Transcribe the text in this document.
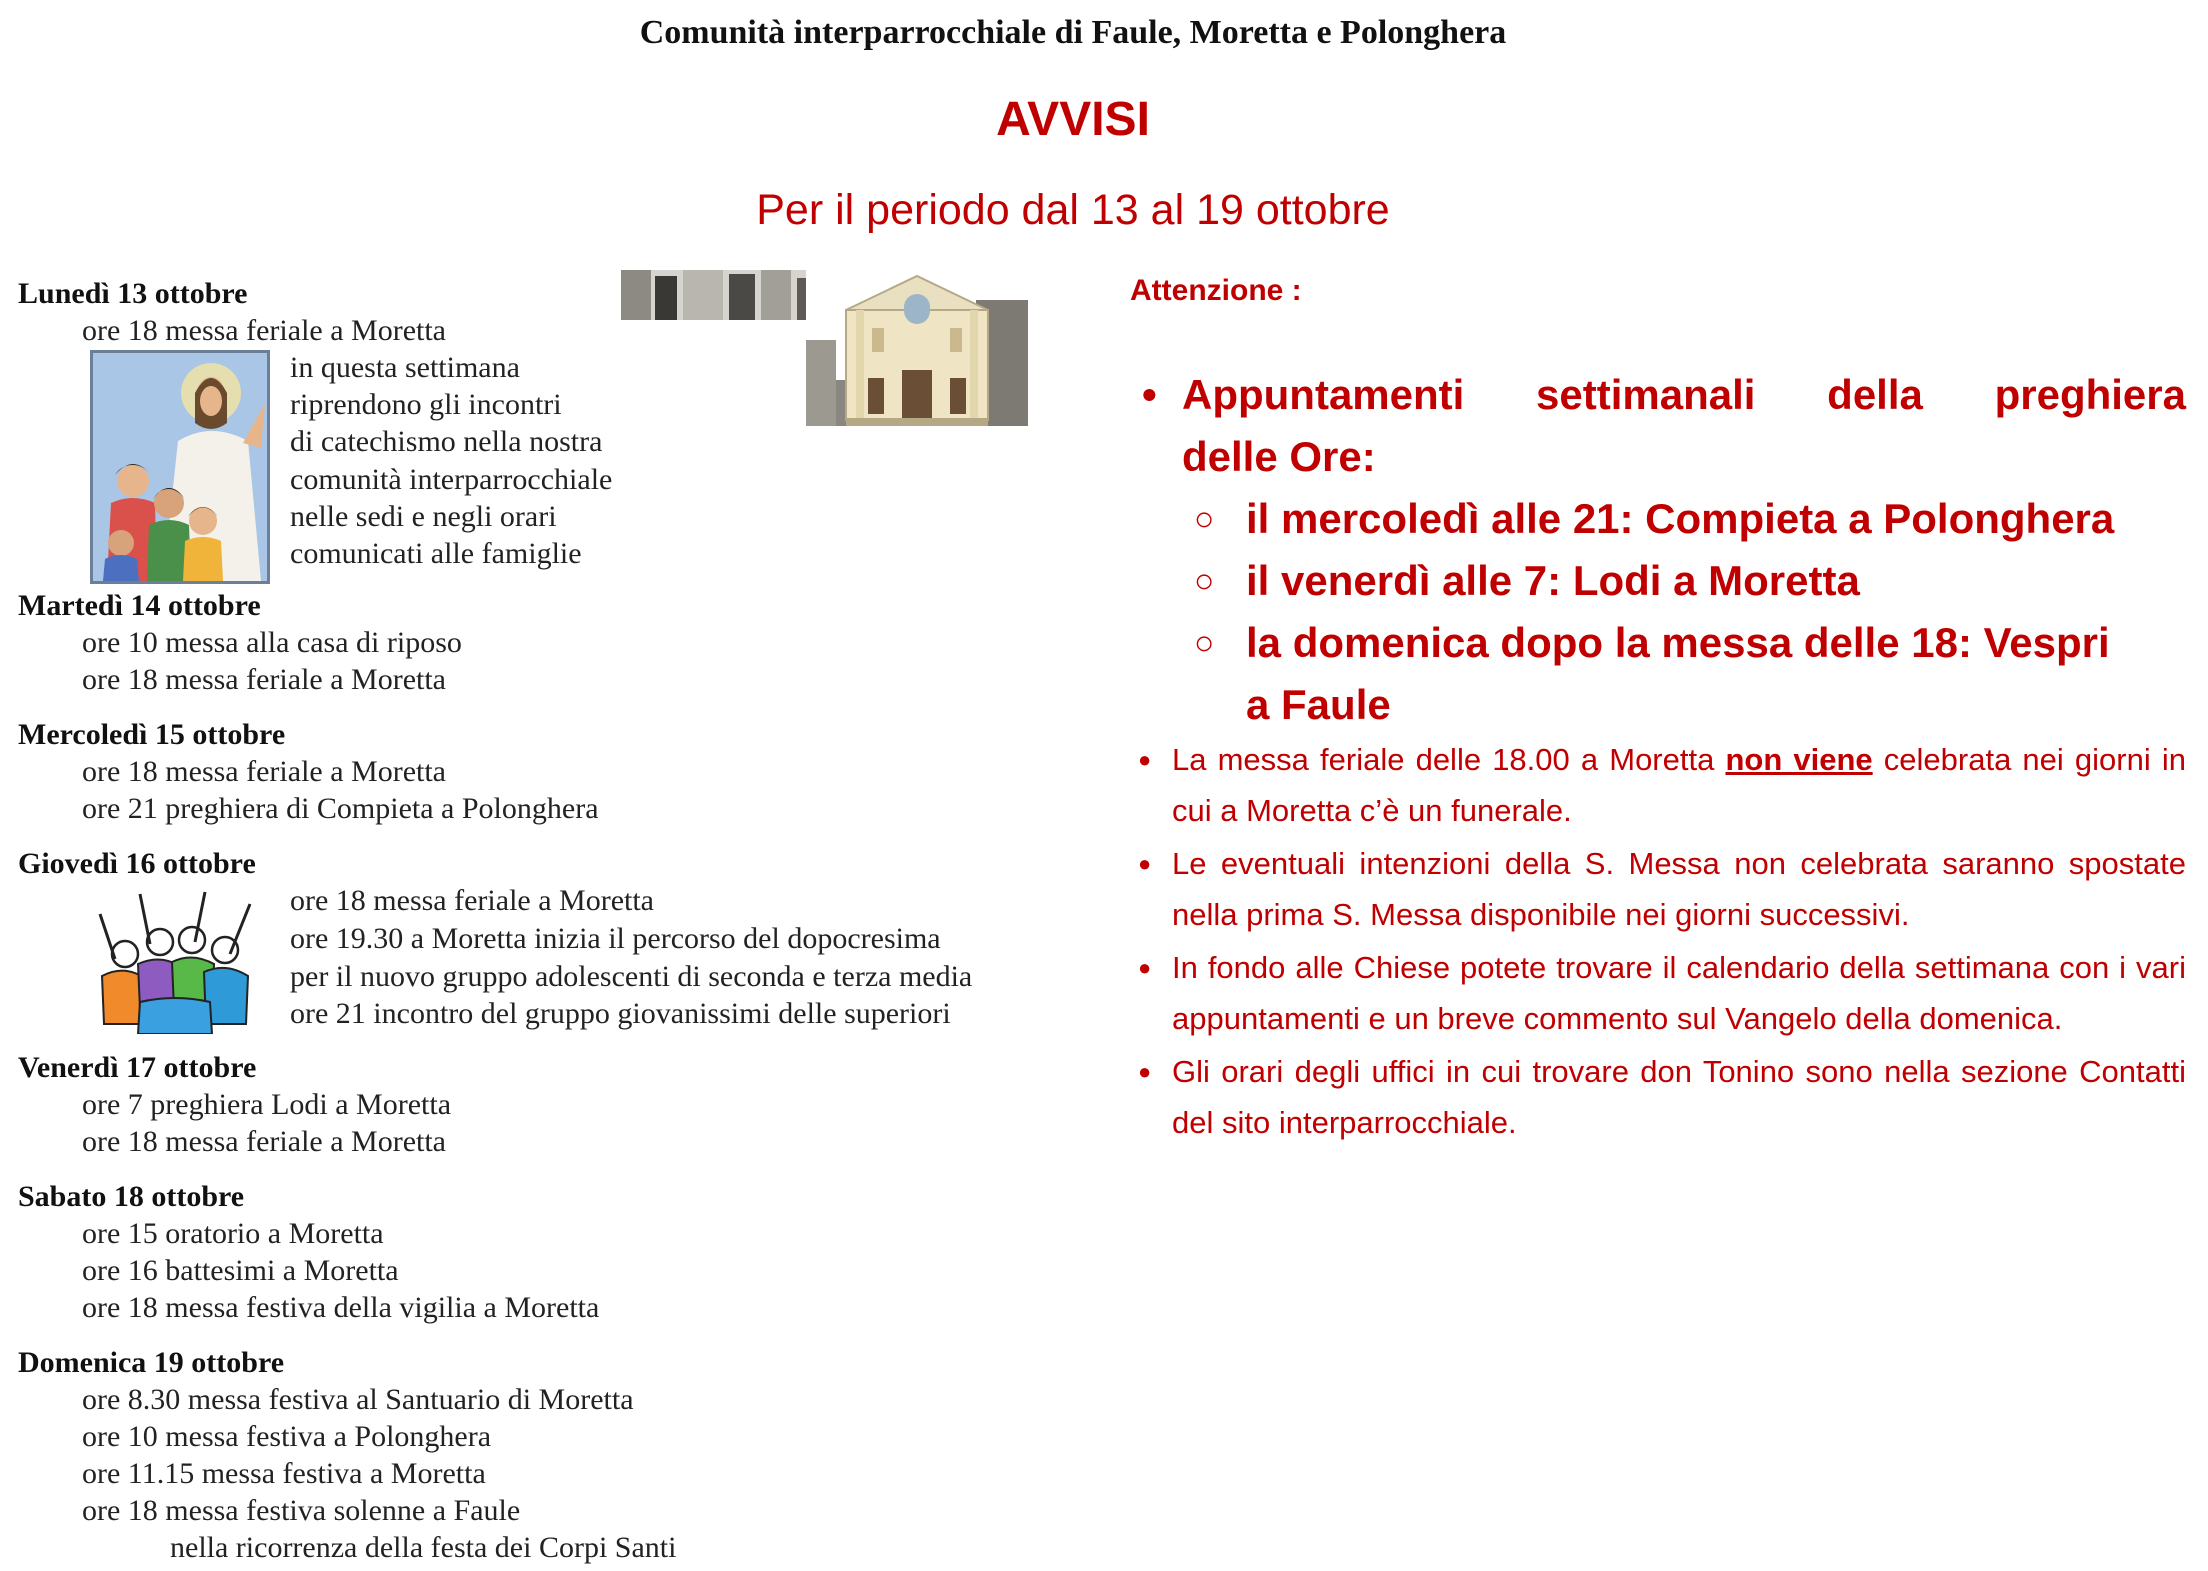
Comunità interparrocchiale di Faule, Moretta e Polonghera
AVVISI
Per il periodo dal 13 al 19 ottobre
Lunedì 13 ottobre
ore 18 messa feriale a Moretta
in questa settimana
riprendono gli incontri
di catechismo nella nostra
comunità interparrocchiale
nelle sedi e negli orari
comunicati alle famiglie
Martedì 14 ottobre
ore 10 messa alla casa di riposo
ore 18 messa feriale a Moretta
Mercoledì 15 ottobre
ore 18 messa feriale a Moretta
ore 21 preghiera di Compieta a Polonghera
Giovedì 16 ottobre
ore 18 messa feriale a Moretta
ore 19.30 a Moretta inizia il percorso del dopocresima
per il nuovo gruppo adolescenti di seconda e terza media
ore 21 incontro del gruppo giovanissimi delle superiori
Venerdì 17 ottobre
ore 7 preghiera Lodi a Moretta
ore 18 messa feriale a Moretta
Sabato 18 ottobre
ore 15 oratorio a Moretta
ore 16 battesimi a Moretta
ore 18 messa festiva della vigilia a Moretta
Domenica 19 ottobre
ore 8.30 messa festiva al Santuario di Moretta
ore 10 messa festiva a Polonghera
ore 11.15 messa festiva a Moretta
ore 18 messa festiva solenne a Faule
nella ricorrenza della festa dei Corpi Santi
Attenzione :
• Appuntamenti settimanali della preghiera
delle Ore:
○ il mercoledì alle 21: Compieta a Polonghera
○ il venerdì alle 7: Lodi a Moretta
○ la domenica dopo la messa delle 18: Vespri
a Faule
● La messa feriale delle 18.00 a Moretta non viene celebrata nei giorni in cui a Moretta c’è un funerale.
● Le eventuali intenzioni della S. Messa non celebrata saranno spostate nella prima S. Messa disponibile nei giorni successivi.
● In fondo alle Chiese potete trovare il calendario della settimana con i vari appuntamenti e un breve commento sul Vangelo della domenica.
● Gli orari degli uffici in cui trovare don Tonino sono nella sezione Contatti del sito interparrocchiale.
